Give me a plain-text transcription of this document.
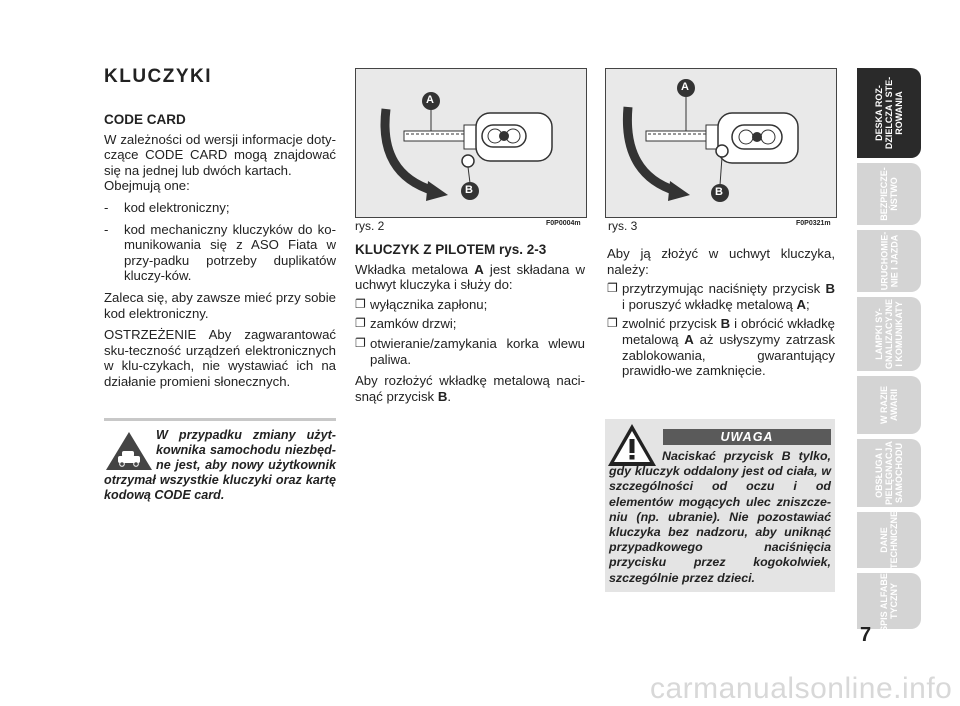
KLUCZYKI
CODE CARD

W zależności od wersji informacje doty-czące CODE CARD mogą znajdować się na jednej lub dwóch kartach.

Obejmują one:

-	kod elektroniczny;
-	kod mechaniczny kluczyków do ko-munikowania się z ASO Fiata w przy-padku potrzeby duplikatów kluczy-ków.

Zaleca się, aby zawsze mieć przy sobie kod elektroniczny.

OSTRZEŻENIE Aby zagwarantować sku-teczność urządzeń elektronicznych w klu-czykach, nie wystawiać ich na działanie promieni słonecznych.

W przypadku zmiany użyt-kownika samochodu niezbęd-ne jest, aby nowy użytkownik otrzymał wszystkie kluczyki oraz kartę kodową CODE card.
A
B
rys. 2	F0P0004m
A
B
rys. 3	F0P0321m
KLUCZYK Z PILOTEM rys. 2-3

Wkładka metalowa A jest składana w uchwyt kluczyka i służy do:

❐ wyłącznika zapłonu;
❐ zamków drzwi;
❐ otwieranie/zamykania korka wlewu paliwa.

Aby rozłożyć wkładkę metalową naci-snąć przycisk B.

Aby ją złożyć w uchwyt kluczyka, należy:

❐ przytrzymując naciśnięty przycisk B i poruszyć wkładkę metalową A;
❐ zwolnić przycisk B i obrócić wkładkę metalową A aż usłyszymy zatrzask zablokowania, gwarantujący prawidło-we zamknięcie.
UWAGA
Naciskać przycisk B tylko, gdy kluczyk oddalony jest od ciała, w szczególności od oczu i od elementów mogących ulec zniszcze-niu (np. ubranie). Nie pozostawiać kluczyka bez nadzoru, aby uniknąć przypadkowego naciśnięcia przycisku przez kogokolwiek, szczególnie przez dzieci.
DESKA ROZ-
DZIELCZA I STE-
ROWANIA
BEZPIECZE-
ŃSTWO
URUCHOMIE-
NIE I JAZDA
LAMPKI SY-
GNALIZACYJNE
I KOMUNIKATY
W RAZIE
AWARII
OBSŁUGA I
PIELĘGNACJA
SAMOCHODU
DANE
TECHNICZNE
SPIS ALFABE-
TYCZNY
7
carmanualsonline.info
